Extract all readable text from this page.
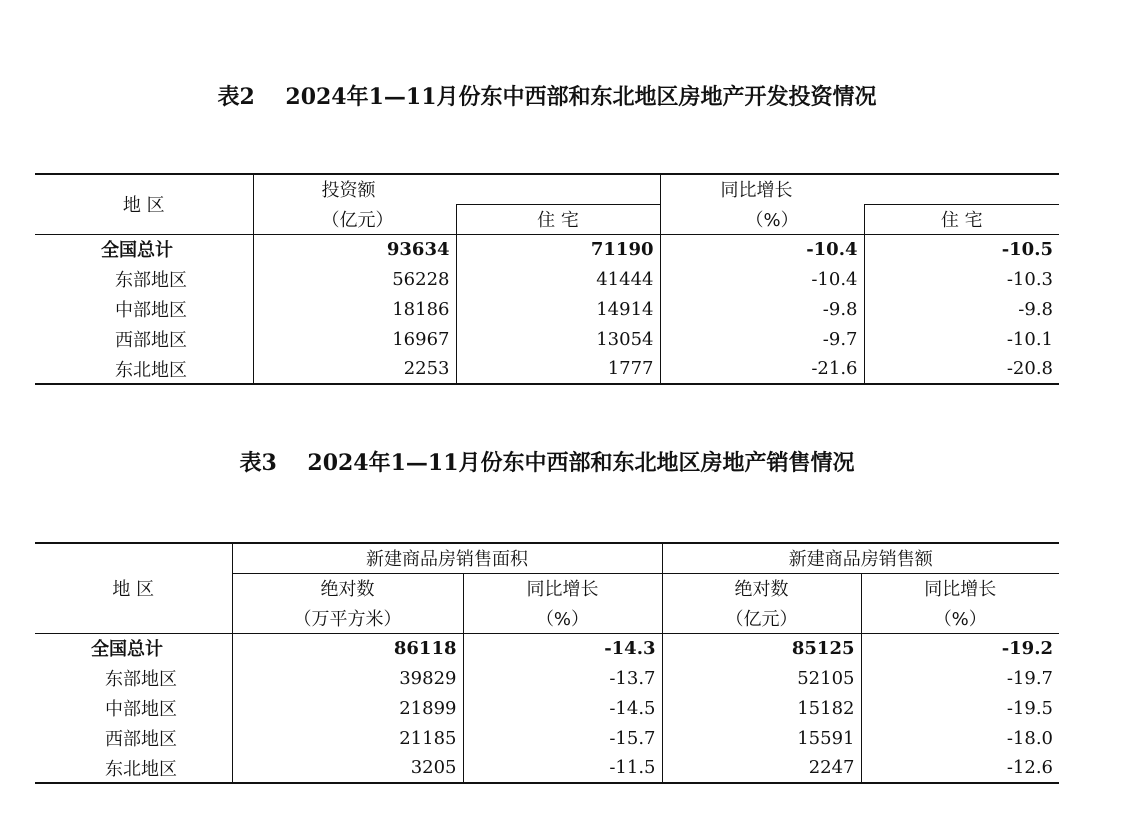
表2    2024年1—11月份东中西部和东北地区房地产开发投资情况
地 区	投资额		同比增长	
	（亿元）	住 宅	（%）	住 宅
全国总计	93634	71190	-10.4	-10.5
东部地区	56228	41444	-10.4	-10.3
中部地区	18186	14914	-9.8	-9.8
西部地区	16967	13054	-9.7	-10.1
东北地区	2253	1777	-21.6	-20.8
表3    2024年1—11月份东中西部和东北地区房地产销售情况
地 区	新建商品房销售面积		新建商品房销售额	
	绝对数	同比增长	绝对数	同比增长
	（万平方米）	（%）	（亿元）	（%）
全国总计	86118	-14.3	85125	-19.2
东部地区	39829	-13.7	52105	-19.7
中部地区	21899	-14.5	15182	-19.5
西部地区	21185	-15.7	15591	-18.0
东北地区	3205	-11.5	2247	-12.6
